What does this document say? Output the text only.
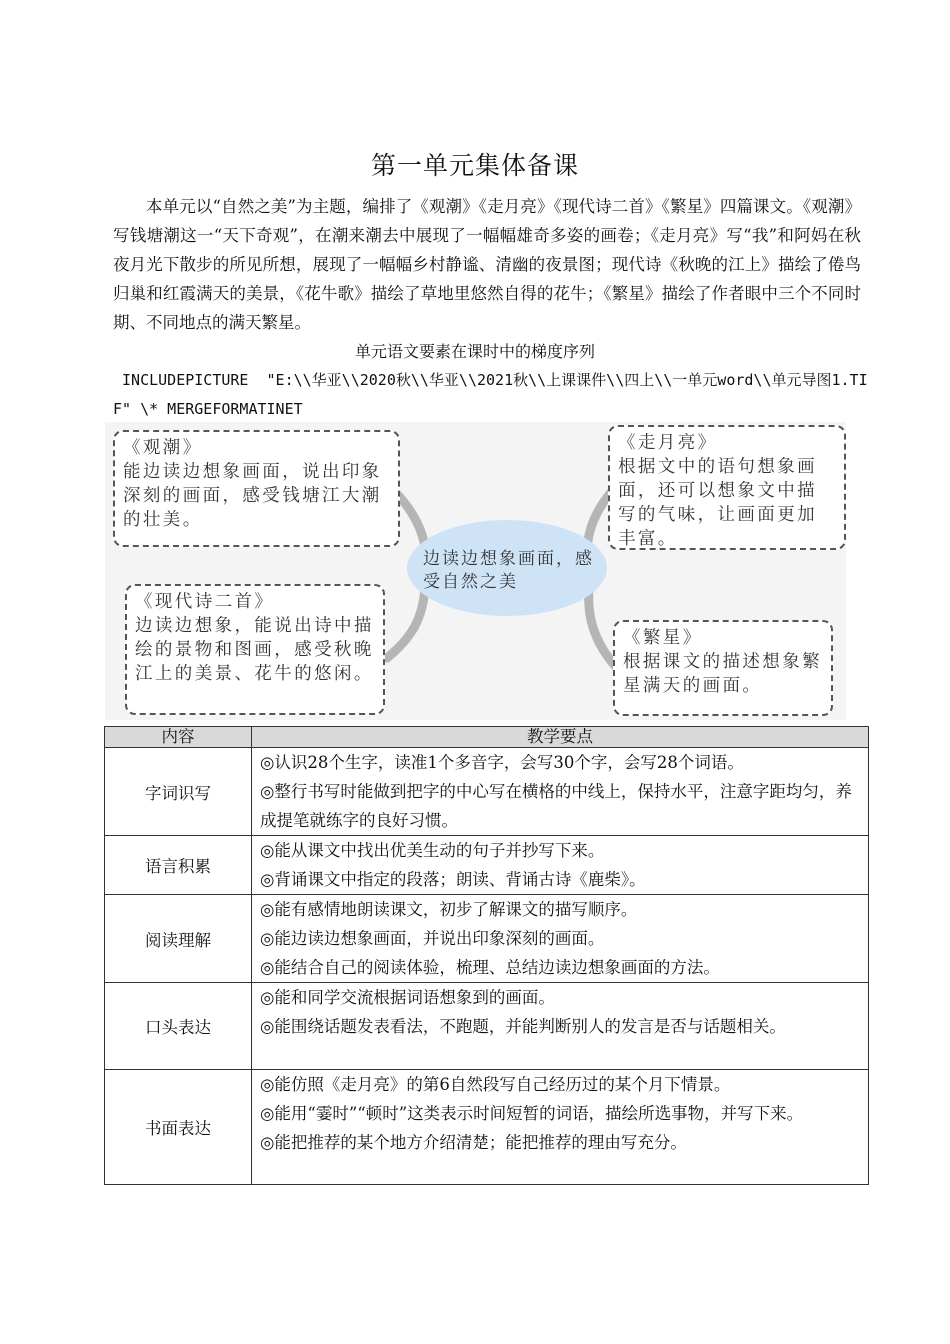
第一单元集体备课

本单元以“自然之美”为主题，编排了《观潮》《走月亮》《现代诗二首》《繁星》四篇课文。《观潮》写钱塘潮这一“天下奇观”，在潮来潮去中展现了一幅幅雄奇多姿的画卷；《走月亮》写“我”和阿妈在秋夜月光下散步的所见所想，展现了一幅幅乡村静谧、清幽的夜景图；现代诗《秋晚的江上》描绘了倦鸟归巢和红霞满天的美景，《花牛歌》描绘了草地里悠然自得的花牛；《繁星》描绘了作者眼中三个不同时期、不同地点的满天繁星。

单元语文要素在课时中的梯度序列
INCLUDEPICTURE  "E:\\华亚\\2020秋\\华亚\\2021秋\\上课课件\\四上\\一单元word\\单元导图1.TIF" \* MERGEFORMATINET
边读边想象画面，感受自然之美
《观潮》
能边读边想象画面，说出印象深刻的画面，感受钱塘江大潮的壮美。
《走月亮》
根据文中的语句想象画面，还可以想象文中描写的气味，让画面更加丰富。
《现代诗二首》
边读边想象，能说出诗中描绘的景物和图画，感受秋晚江上的美景、花牛的悠闲。
《繁星》
根据课文的描述想象繁星满天的画面。
内容	教学要点
字词识写	◎认识28个生字，读准1个多音字，会写30个字，会写28个词语。
◎整行书写时能做到把字的中心写在横格的中线上，保持水平，注意字距均匀，养成提笔就练字的良好习惯。

语言积累	◎能从课文中找出优美生动的句子并抄写下来。
◎背诵课文中指定的段落；朗读、背诵古诗《鹿柴》。

阅读理解	◎能有感情地朗读课文，初步了解课文的描写顺序。
◎能边读边想象画面，并说出印象深刻的画面。
◎能结合自己的阅读体验，梳理、总结边读边想象画面的方法。

口头表达	◎能和同学交流根据词语想象到的画面。
◎能围绕话题发表看法，不跑题，并能判断别人的发言是否与话题相关。

书面表达	◎能仿照《走月亮》的第6自然段写自己经历过的某个月下情景。
◎能用“霎时”“顿时”这类表示时间短暂的词语，描绘所选事物，并写下来。
◎能把推荐的某个地方介绍清楚；能把推荐的理由写充分。
